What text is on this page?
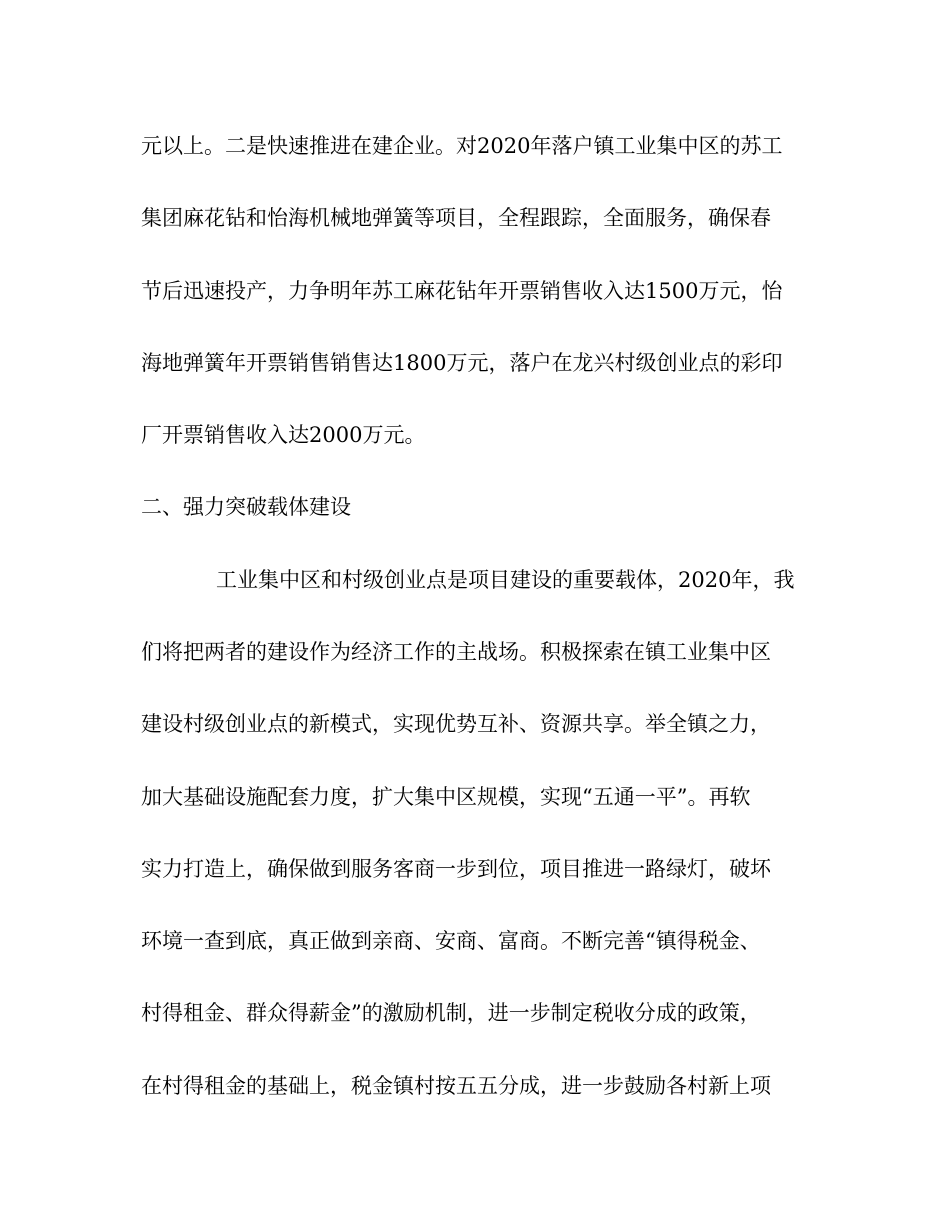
元以上。二是快速推进在建企业。对2020年落户镇工业集中区的苏工
集团麻花钻和怡海机械地弹簧等项目，全程跟踪，全面服务，确保春
节后迅速投产，力争明年苏工麻花钻年开票销售收入达1500万元，怡
海地弹簧年开票销售销售达1800万元，落户在龙兴村级创业点的彩印
厂开票销售收入达2000万元。
二、强力突破载体建设
工业集中区和村级创业点是项目建设的重要载体，2020年，我
们将把两者的建设作为经济工作的主战场。积极探索在镇工业集中区
建设村级创业点的新模式，实现优势互补、资源共享。举全镇之力，
加大基础设施配套力度，扩大集中区规模，实现“五通一平”。再软
实力打造上，确保做到服务客商一步到位，项目推进一路绿灯，破坏
环境一查到底，真正做到亲商、安商、富商。不断完善“镇得税金、
村得租金、群众得薪金”的激励机制，进一步制定税收分成的政策，
在村得租金的基础上，税金镇村按五五分成，进一步鼓励各村新上项
